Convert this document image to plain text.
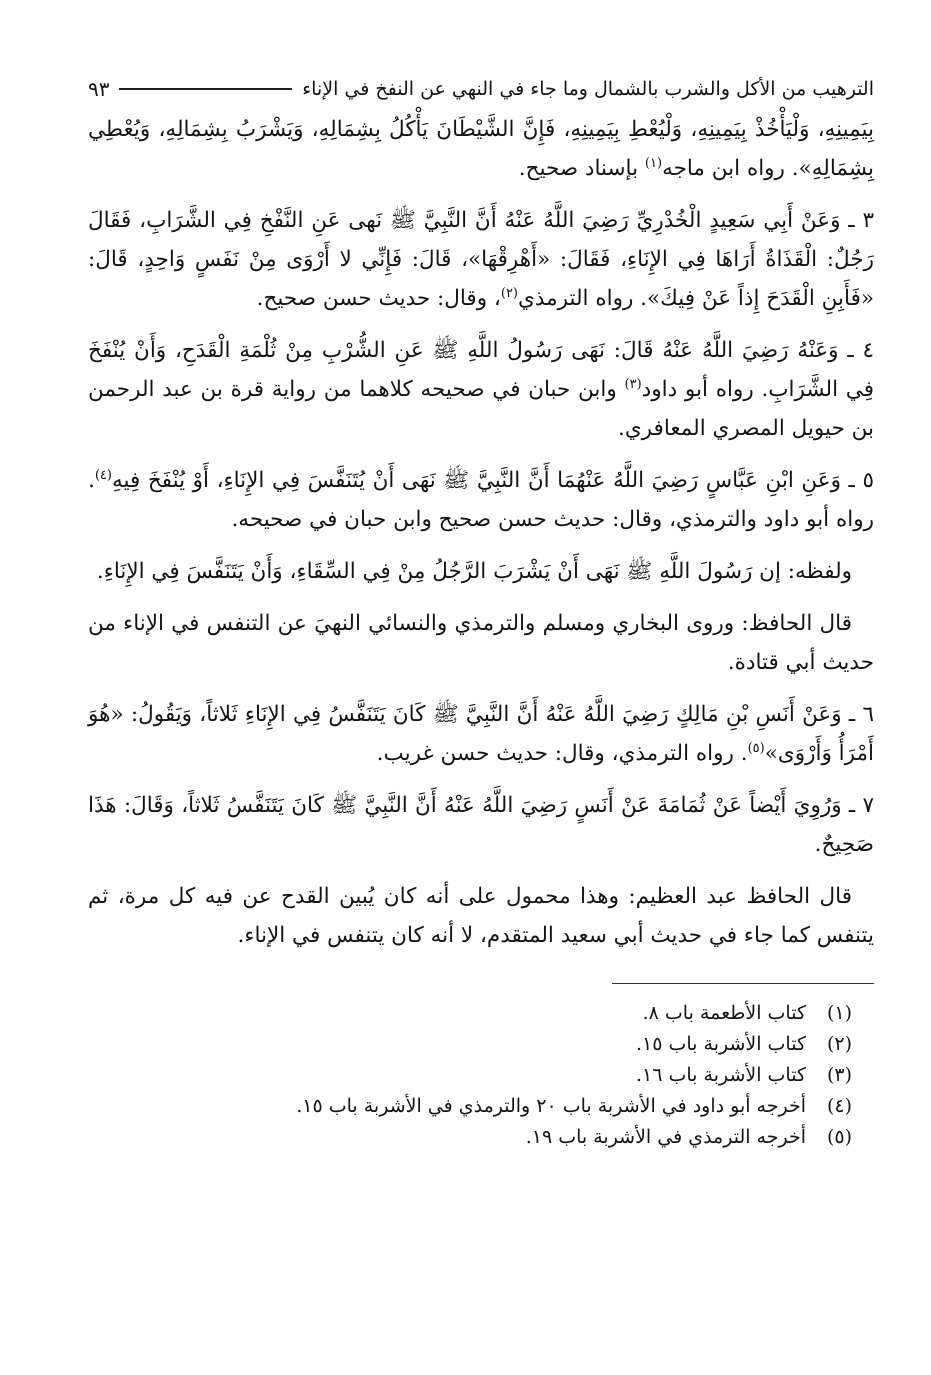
الترهيب من الأكل والشرب بالشمال وما جاء في النهي عن النفخ في الإناء
٩٣

بِيَمِينِهِ، وَلْيَأْخُذْ بِيَمِينِهِ، وَلْيُعْطِ بِيَمِينِهِ، فَإِنَّ الشَّيْطَانَ يَأْكُلُ بِشِمَالِهِ، وَيَشْرَبُ بِشِمَالِهِ، وَيُعْطِي بِشِمَالِهِ». رواه ابن ماجه$^{(١)}$ بإسناد صحيح.

٣ ـ وَعَنْ أَبِي سَعِيدٍ الْخُدْرِيِّ رَضِيَ اللَّهُ عَنْهُ أَنَّ النَّبِيَّ ﷺ نَهى عَنِ النَّفْخِ فِي الشَّرَابِ، فَقَالَ رَجُلٌ: الْقَذَاةُ أَرَاهَا فِي الإِنَاءِ، فَقَالَ: «أَهْرِقْهَا»، قَالَ: فَإِنِّي لا أَرْوَى مِنْ نَفَسٍ وَاحِدٍ، قَالَ: «فَأَبِنِ الْقَدَحَ إِذاً عَنْ فِيكَ». رواه الترمذي$^{(٢)}$، وقال: حديث حسن صحيح.

٤ ـ وَعَنْهُ رَضِيَ اللَّهُ عَنْهُ قَالَ: نَهَى رَسُولُ اللَّهِ ﷺ عَنِ الشُّرْبِ مِنْ ثُلْمَةِ الْقَدَحِ، وَأَنْ يُنْفَخَ فِي الشَّرَابِ. رواه أبو داود$^{(٣)}$ وابن حبان في صحيحه كلاهما من رواية قرة بن عبد الرحمن بن حيويل المصري المعافري.

٥ ـ وَعَنِ ابْنِ عَبَّاسٍ رَضِيَ اللَّهُ عَنْهُمَا أَنَّ النَّبِيَّ ﷺ نَهَى أَنْ يُتَنَفَّسَ فِي الإِنَاءِ، أَوْ يُنْفَخَ فِيهِ$^{(٤)}$. رواه أبو داود والترمذي، وقال: حديث حسن صحيح وابن حبان في صحيحه.

ولفظه: إن رَسُولَ اللَّهِ ﷺ نَهَى أَنْ يَشْرَبَ الرَّجُلُ مِنْ فِي السِّقَاءِ، وَأَنْ يَتَنَفَّسَ فِي الإِنَاءِ.

قال الحافظ: وروى البخاري ومسلم والترمذي والنسائي النهيَ عن التنفس في الإناء من حديث أبي قتادة.

٦ ـ وَعَنْ أَنَسِ بْنِ مَالِكٍ رَضِيَ اللَّهُ عَنْهُ أَنَّ النَّبِيَّ ﷺ كَانَ يَتَنَفَّسُ فِي الإِنَاءِ ثَلاثاً، وَيَقُولُ: «هُوَ أَمْرَأُ وَأَرْوَى»$^{(٥)}$. رواه الترمذي، وقال: حديث حسن غريب.

٧ ـ وَرُوِيَ أَيْضاً عَنْ ثُمَامَةَ عَنْ أَنَسٍ رَضِيَ اللَّهُ عَنْهُ أَنَّ النَّبِيَّ ﷺ كَانَ يَتَنَفَّسُ ثَلاثاً، وَقَالَ: هَذَا صَحِيحٌ.

قال الحافظ عبد العظيم: وهذا محمول على أنه كان يُبين القدح عن فيه كل مرة، ثم يتنفس كما جاء في حديث أبي سعيد المتقدم، لا أنه كان يتنفس في الإناء.

(١)
كتاب الأطعمة باب ٨.
(٢)
كتاب الأشربة باب ١٥.
(٣)
كتاب الأشربة باب ١٦.
(٤)
أخرجه أبو داود في الأشربة باب ٢٠ والترمذي في الأشربة باب ١٥.
(٥)
أخرجه الترمذي في الأشربة باب ١٩.
